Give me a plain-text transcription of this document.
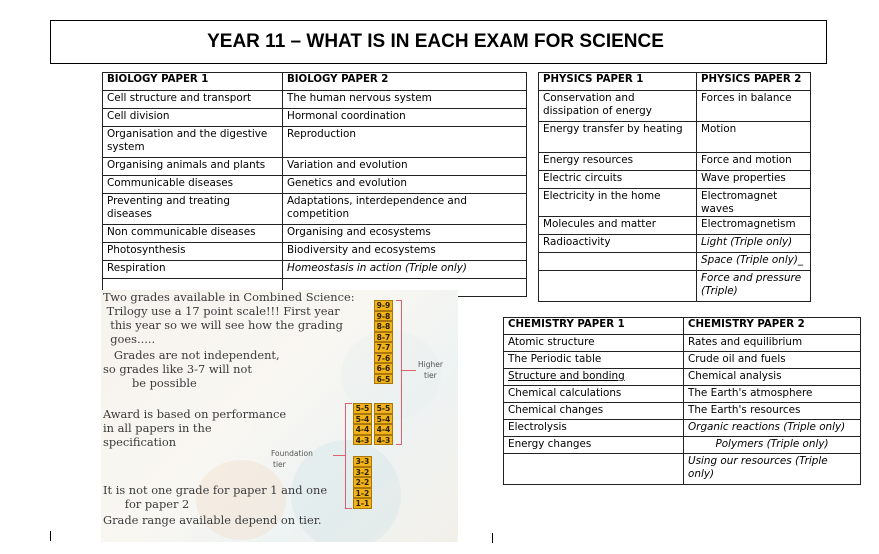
YEAR 11 – WHAT IS IN EACH EXAM FOR SCIENCE
BIOLOGY PAPER 1	BIOLOGY PAPER 2
Cell structure and transport	The human nervous system
Cell division	Hormonal coordination
Organisation and the digestive system	Reproduction
Organising animals and plants	Variation and evolution
Communicable diseases	Genetics and evolution
Preventing and treating diseases	Adaptations, interdependence and competition
Non communicable diseases	Organising and ecosystems
Photosynthesis	Biodiversity and ecosystems
Respiration	Homeostasis in action (Triple only)

PHYSICS PAPER 1	PHYSICS PAPER 2
Conservation and dissipation of energy	Forces in balance
Energy transfer by heating	Motion
Energy resources	Force and motion
Electric circuits	Wave properties
Electricity in the home	Electromagnet waves
Molecules and matter	Electromagnetism
Radioactivity	Light (Triple only)
	Space (Triple only)_
	Force and pressure (Triple)
CHEMISTRY PAPER 1	CHEMISTRY PAPER 2
Atomic structure	Rates and equilibrium
The Periodic table	Crude oil and fuels
Structure and bonding	Chemical analysis
Chemical calculations	The Earth's atmosphere
Chemical changes	The Earth's resources
Electrolysis	Organic reactions (Triple only)
Energy changes	Polymers (Triple only)
	Using our resources (Triple only)
Two grades available in Combined Science:
Trilogy use a 17 point scale!!! First year
this year so we will see how the grading
goes.....
Grades are not independent,
so grades like 3-7 will not
be possible
Award is based on performance
in all papers in the
specification
It is not one grade for paper 1 and one
for paper 2
Grade range available depend on tier.
9-9
9-8
8-8
8-7
7-7
7-6
6-6
6-5
5-5
5-4
4-4
4-3
5-5
5-4
4-4
4-3
3-3
3-2
2-2
1-2
1-1
Higher
tier
Foundation
tier
